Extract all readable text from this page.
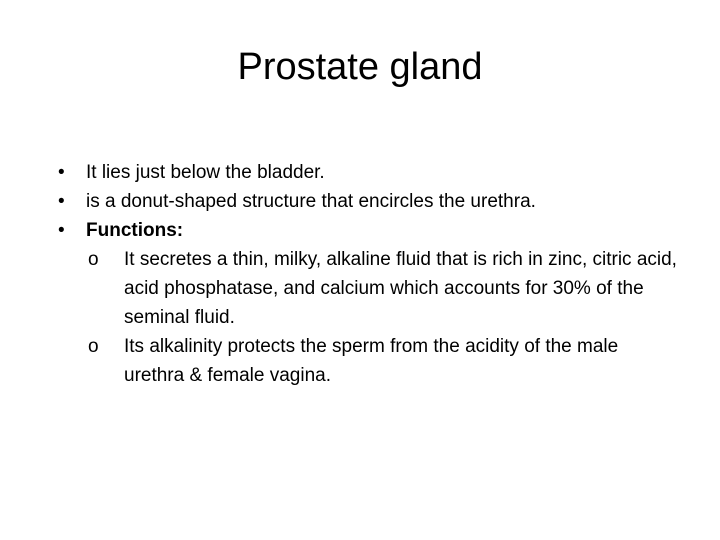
Prostate gland
•	It lies just below the bladder.
•	is a donut-shaped structure that encircles the urethra.
•	Functions:
o	It secretes a thin, milky, alkaline fluid that is rich in zinc, citric acid, acid phosphatase, and calcium which accounts for 30% of the seminal fluid.
o	Its alkalinity protects the sperm from the acidity of the male urethra & female vagina.
